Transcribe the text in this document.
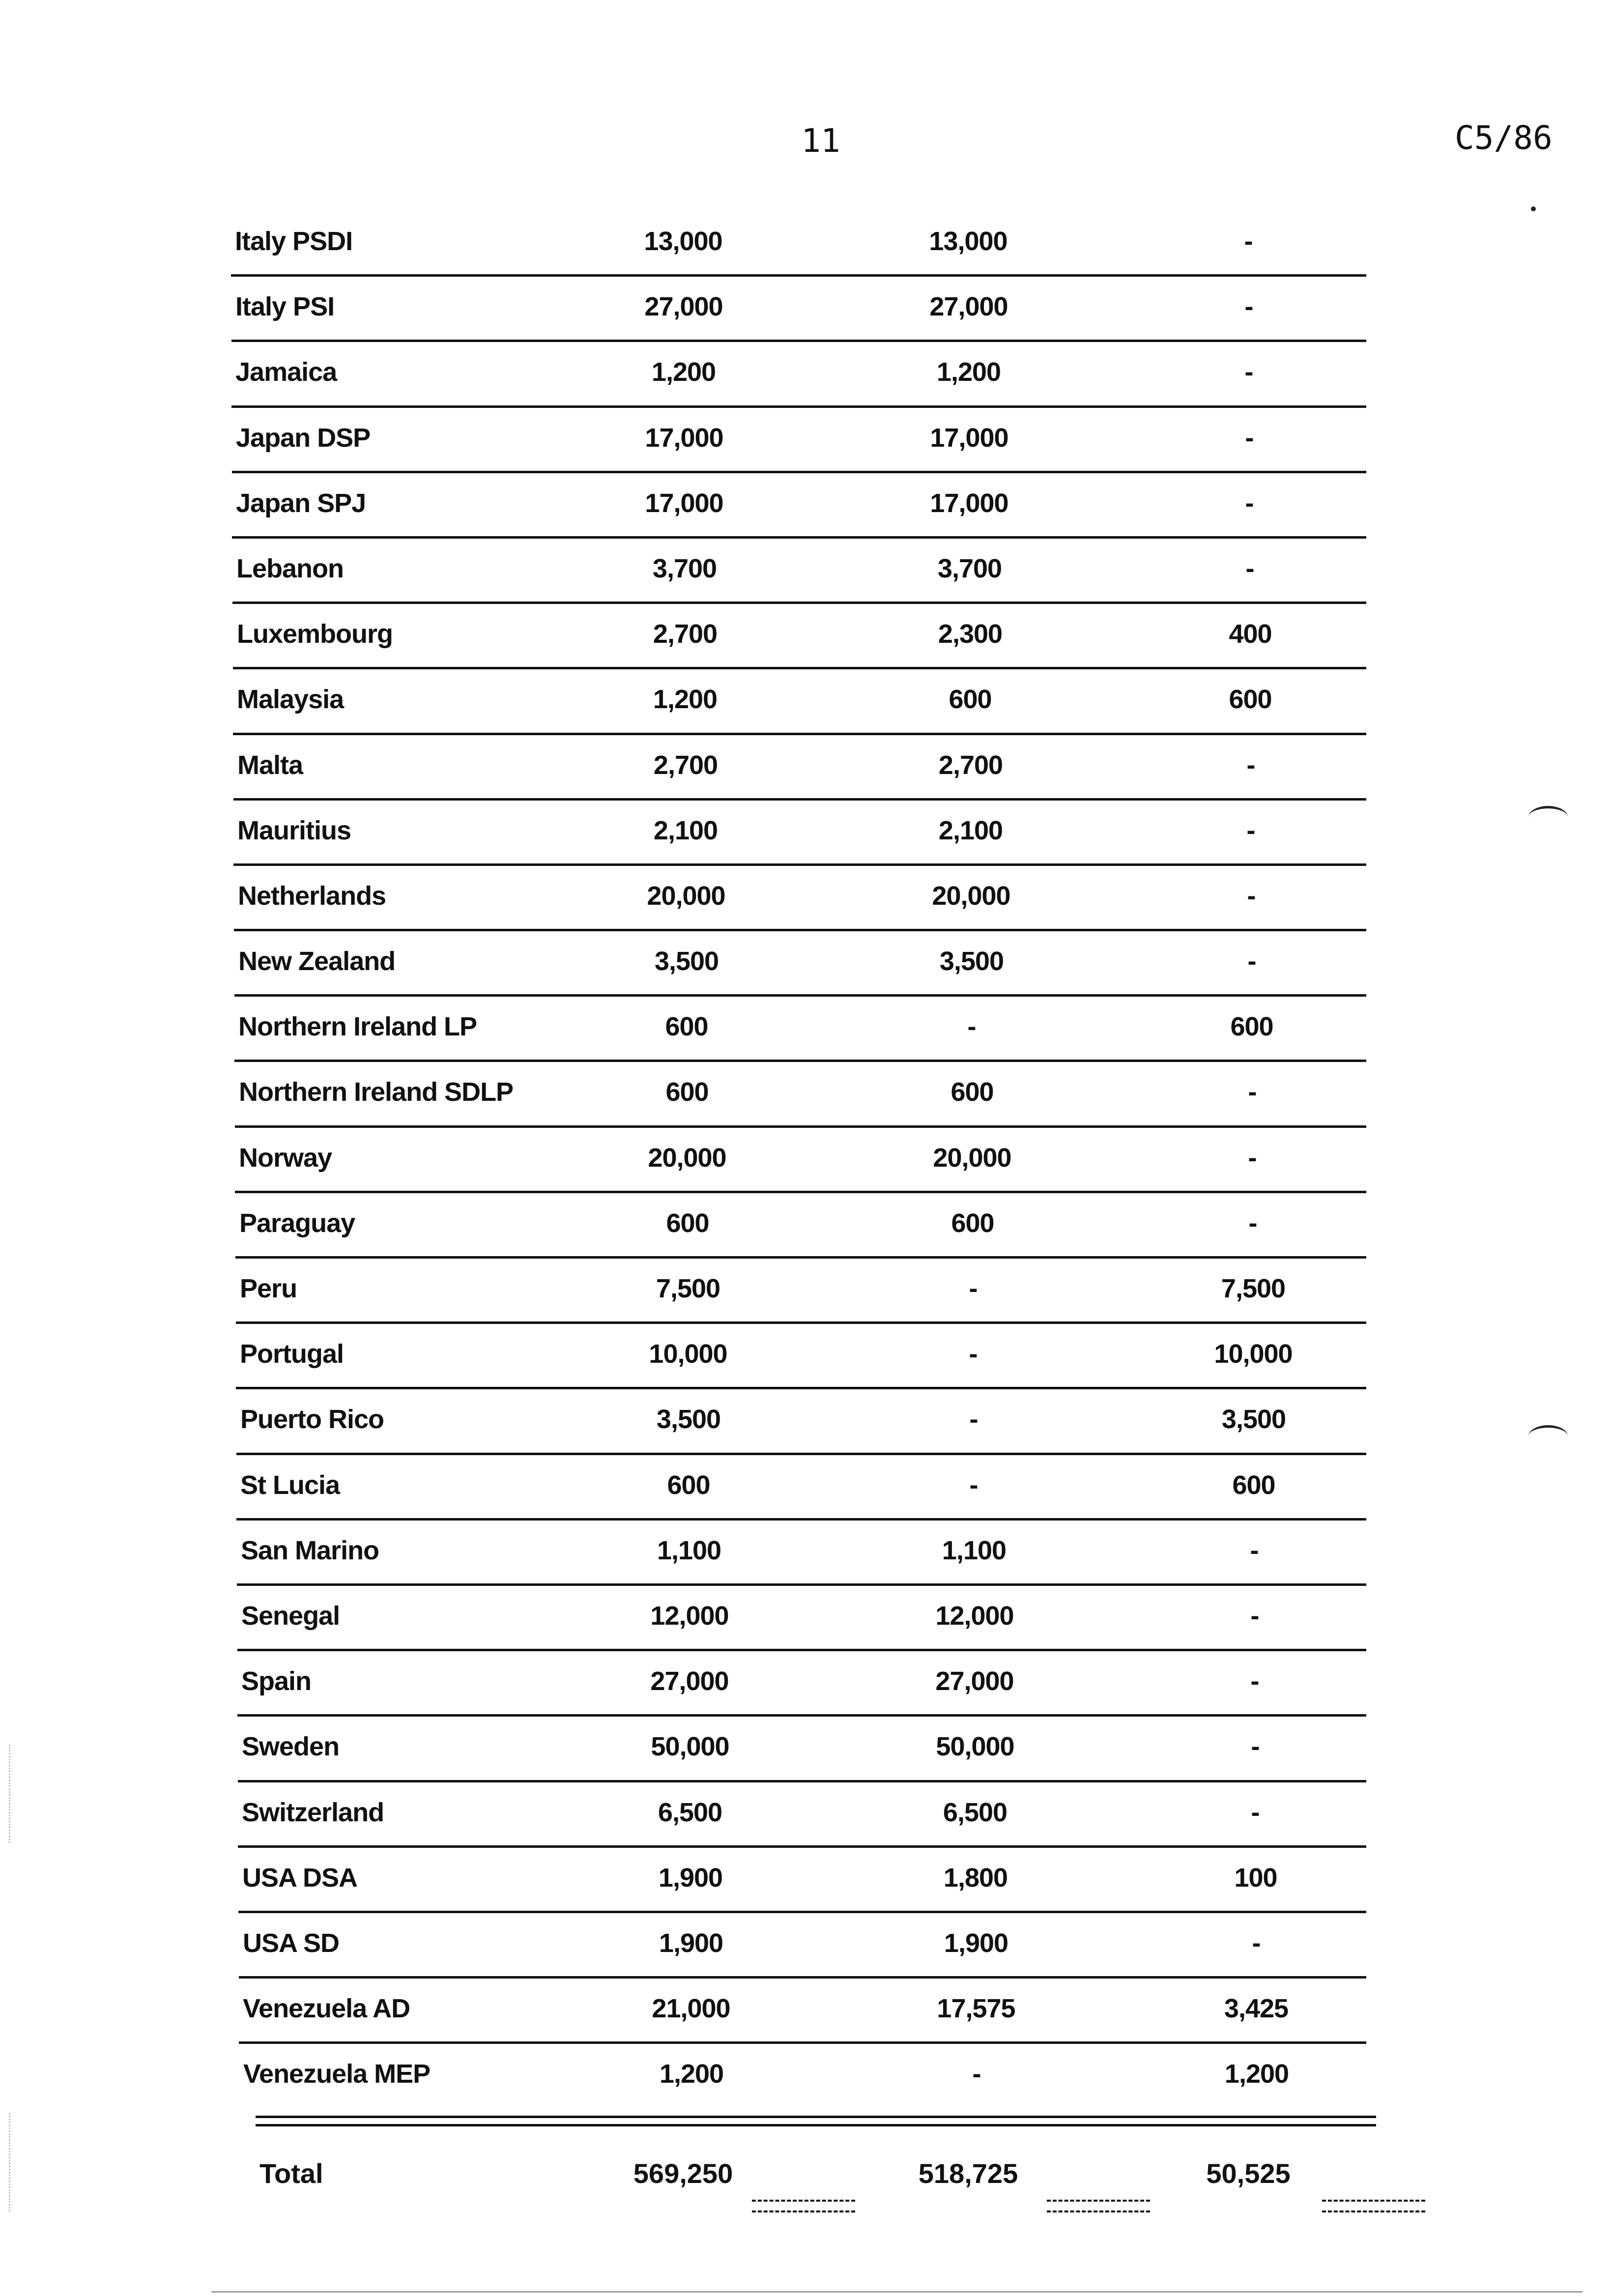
11	C5/86
Italy PSDI	13,000	13,000	-
Italy PSI	27,000	27,000	-
Jamaica	1,200	1,200	-
Japan DSP	17,000	17,000	-
Japan SPJ	17,000	17,000	-
Lebanon	3,700	3,700	-
Luxembourg	2,700	2,300	400
Malaysia	1,200	600	600
Malta	2,700	2,700	-
Mauritius	2,100	2,100	-
Netherlands	20,000	20,000	-
New Zealand	3,500	3,500	-
Northern Ireland LP	600	-	600
Northern Ireland SDLP	600	600	-
Norway	20,000	20,000	-
Paraguay	600	600	-
Peru	7,500	-	7,500
Portugal	10,000	-	10,000
Puerto Rico	3,500	-	3,500
St Lucia	600	-	600
San Marino	1,100	1,100	-
Senegal	12,000	12,000	-
Spain	27,000	27,000	-
Sweden	50,000	50,000	-
Switzerland	6,500	6,500	-
USA DSA	1,900	1,800	100
USA SD	1,900	1,900	-
Venezuela AD	21,000	17,575	3,425
Venezuela MEP	1,200	-	1,200
Total	569,250	518,725	50,525
